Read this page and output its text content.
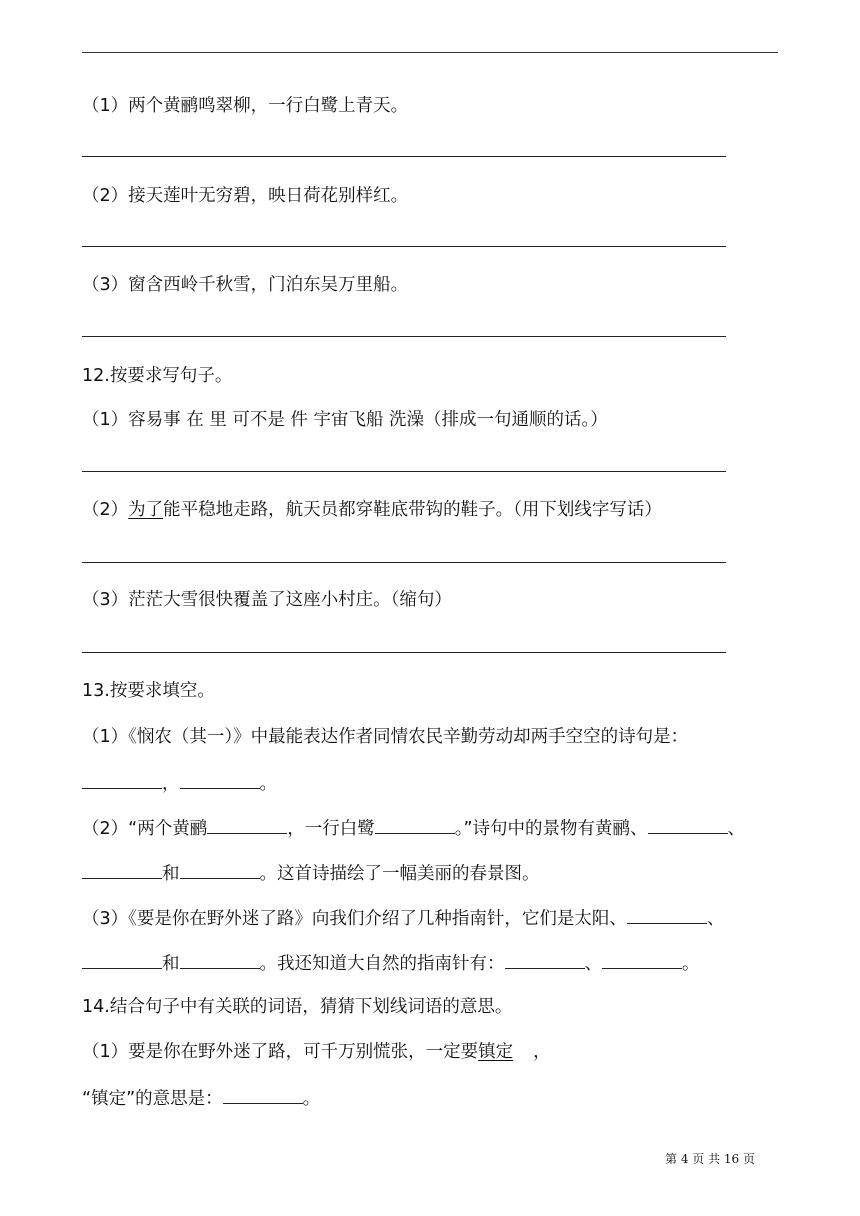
（1）两个黄鹂鸣翠柳，一行白鹭上青天。
（2）接天莲叶无穷碧，映日荷花别样红。
（3）窗含西岭千秋雪，门泊东吴万里船。
12.按要求写句子。
（1）容易事 在 里 可不是 件 宇宙飞船 洗澡（排成一句通顺的话。）
（2）为了能平稳地走路，航天员都穿鞋底带钩的鞋子。（用下划线字写话）
（3）茫茫大雪很快覆盖了这座小村庄。（缩句）
13.按要求填空。
（1）《悯农（其一）》中最能表达作者同情农民辛勤劳动却两手空空的诗句是：
，	。
（2）“两个黄鹂	，一行白鹭	。”诗句中的景物有黄鹂、	、
和	。这首诗描绘了一幅美丽的春景图。
（3）《要是你在野外迷了路》向我们介绍了几种指南针，它们是太阳、	、
和	。我还知道大自然的指南针有：	、	。
14.结合句子中有关联的词语，猜猜下划线词语的意思。
（1）要是你在野外迷了路，可千万别慌张，一定要镇定 ，
“镇定”的意思是：	。
第 4 页 共 16 页
